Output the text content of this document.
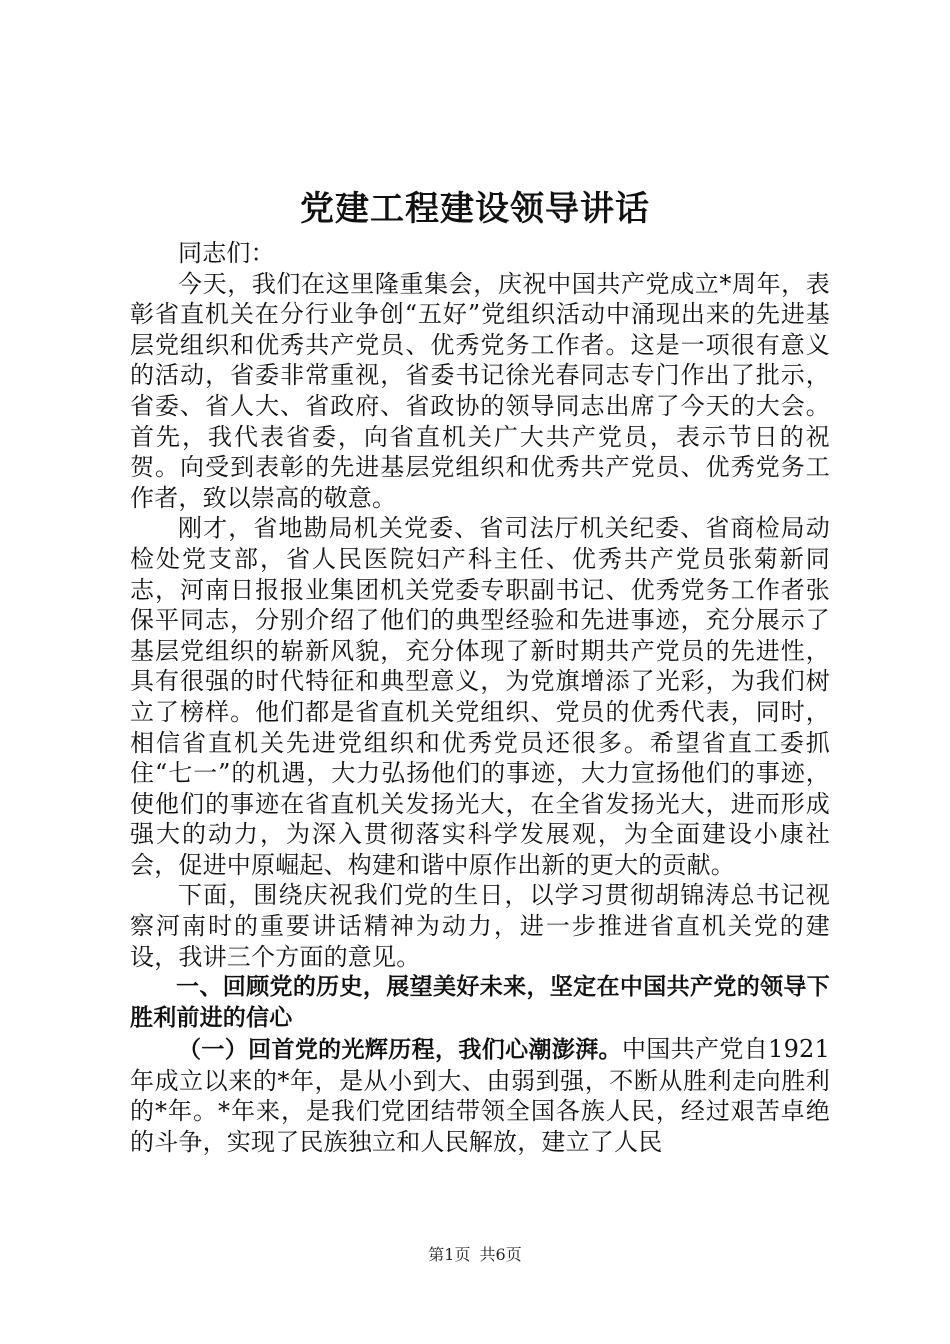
党建工程建设领导讲话

同志们：

今天，我们在这里隆重集会，庆祝中国共产党成立*周年，表彰省直机关在分行业争创“五好”党组织活动中涌现出来的先进基层党组织和优秀共产党员、优秀党务工作者。这是一项很有意义的活动，省委非常重视，省委书记徐光春同志专门作出了批示，省委、省人大、省政府、省政协的领导同志出席了今天的大会。首先，我代表省委，向省直机关广大共产党员，表示节日的祝贺。向受到表彰的先进基层党组织和优秀共产党员、优秀党务工作者，致以崇高的敬意。

刚才，省地勘局机关党委、省司法厅机关纪委、省商检局动检处党支部，省人民医院妇产科主任、优秀共产党员张菊新同志，河南日报报业集团机关党委专职副书记、优秀党务工作者张保平同志，分别介绍了他们的典型经验和先进事迹，充分展示了基层党组织的崭新风貌，充分体现了新时期共产党员的先进性，具有很强的时代特征和典型意义，为党旗增添了光彩，为我们树立了榜样。他们都是省直机关党组织、党员的优秀代表，同时，相信省直机关先进党组织和优秀党员还很多。希望省直工委抓住“七一”的机遇，大力弘扬他们的事迹，大力宣扬他们的事迹，使他们的事迹在省直机关发扬光大，在全省发扬光大，进而形成强大的动力，为深入贯彻落实科学发展观，为全面建设小康社会，促进中原崛起、构建和谐中原作出新的更大的贡献。

下面，围绕庆祝我们党的生日，以学习贯彻胡锦涛总书记视察河南时的重要讲话精神为动力，进一步推进省直机关党的建设，我讲三个方面的意见。

一、回顾党的历史，展望美好未来，坚定在中国共产党的领导下胜利前进的信心

（一）回首党的光辉历程，我们心潮澎湃。中国共产党自1921年成立以来的*年，是从小到大、由弱到强，不断从胜利走向胜利的*年。*年来，是我们党团结带领全国各族人民，经过艰苦卓绝的斗争，实现了民族独立和人民解放，建立了人民

第1页 共6页
